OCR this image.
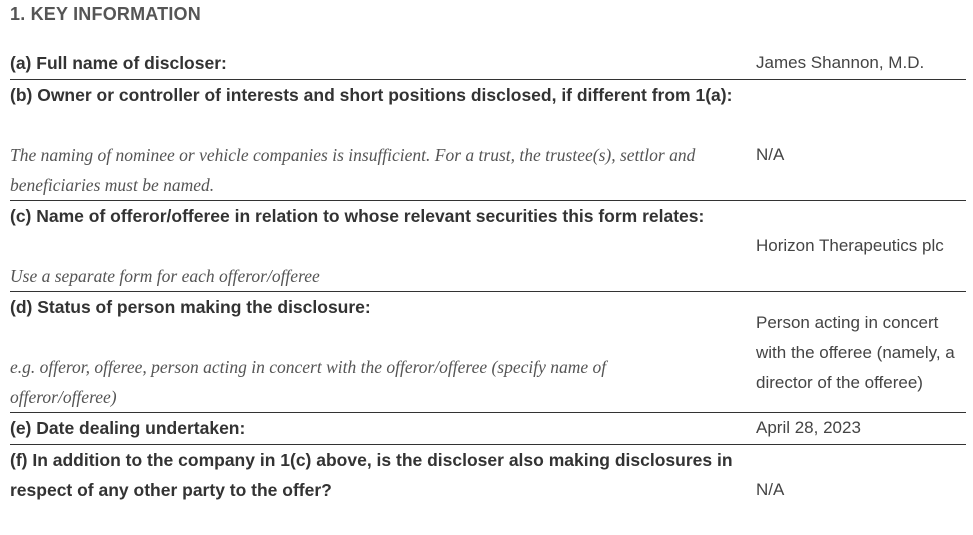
1. KEY INFORMATION
(a) Full name of discloser:	James Shannon, M.D.

(b) Owner or controller of interests and short positions disclosed, if different from 1(a):
The naming of nominee or vehicle companies is insufficient. For a trust, the trustee(s), settlor and beneficiaries must be named.	N/A

(c) Name of offeror/offeree in relation to whose relevant securities this form relates:
Use a separate form for each offeror/offeree	Horizon Therapeutics plc

(d) Status of person making the disclosure:
e.g. offeror, offeree, person acting in concert with the offeror/offeree (specify name of offeror/offeree)	Person acting in concert with the offeree (namely, a director of the offeree)

(e) Date dealing undertaken:	April 28, 2023

(f) In addition to the company in 1(c) above, is the discloser also making disclosures in respect of any other party to the offer?	N/A
